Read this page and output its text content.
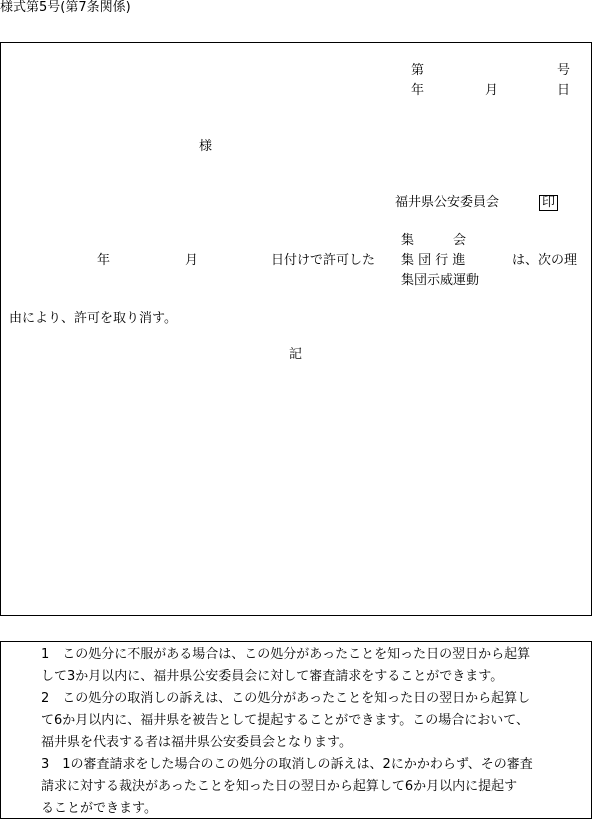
様式第5号(第7条関係)
第	号
年	月	日
様
福井県公安委員会	印
年	月	日付けで許可した
集　　　会
集 団 行 進
集団示威運動
は、次の理
由により、許可を取り消す。
記
1　この処分に不服がある場合は、この処分があったことを知った日の翌日から起算
して3か月以内に、福井県公安委員会に対して審査請求をすることができます。
2　この処分の取消しの訴えは、この処分があったことを知った日の翌日から起算し
て6か月以内に、福井県を被告として提起することができます。この場合において、
福井県を代表する者は福井県公安委員会となります。
3　1の審査請求をした場合のこの処分の取消しの訴えは、2にかかわらず、その審査
請求に対する裁決があったことを知った日の翌日から起算して6か月以内に提起す
ることができます。
